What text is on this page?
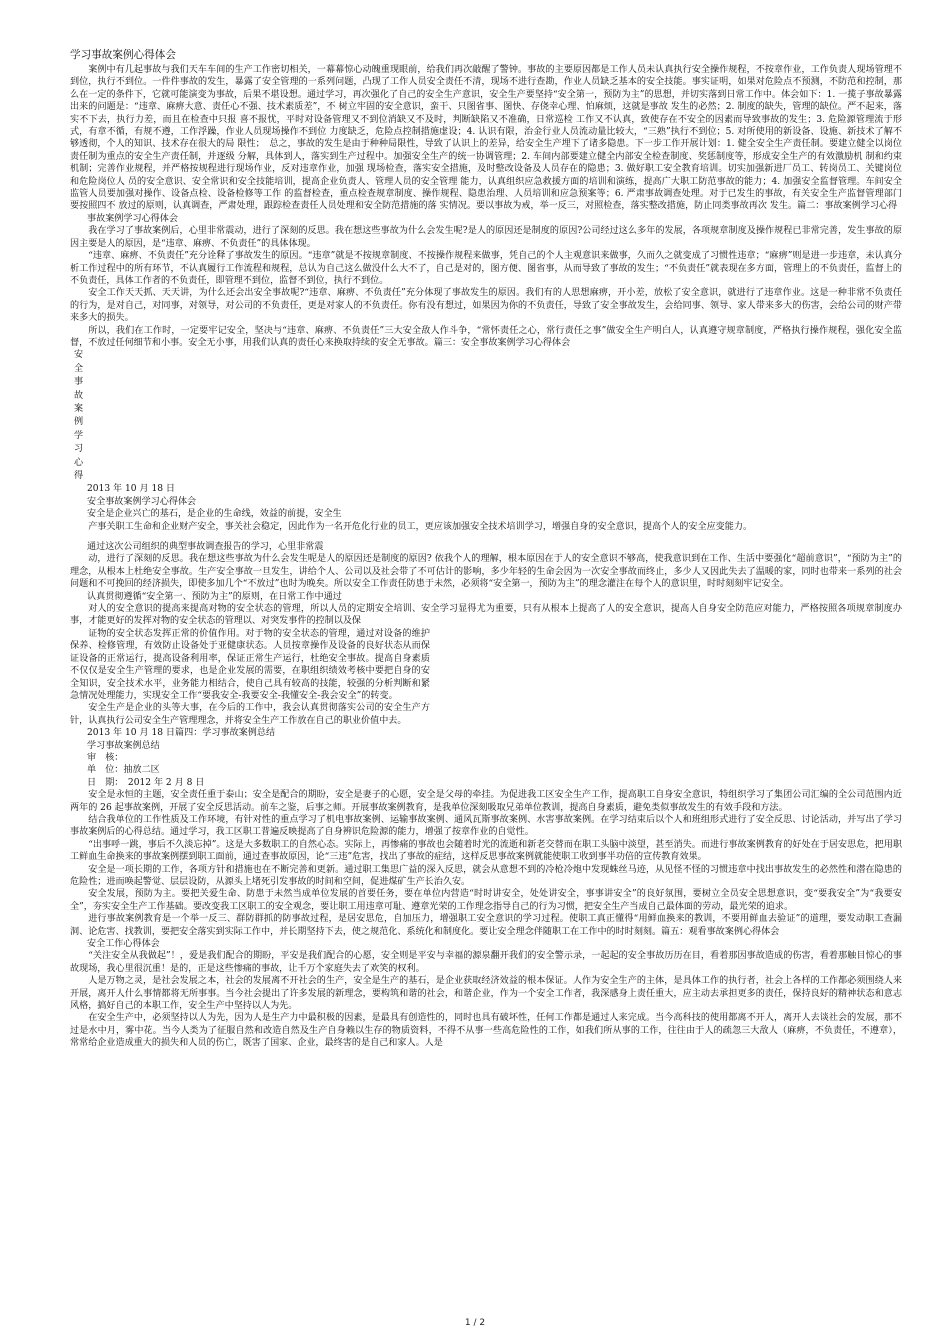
学习事故案例心得体会

案例中有几起事故与我们天车车间的生产工作密切相关，一幕幕惊心动魄重现眼前，给我们再次敲醒了警钟。事故的主要原因都是工作人员未认真执行安全操作规程，不按章作业，工作负责人现场管理不到位，执行不到位。一件件事故的发生，暴露了安全管理的一系列问题，凸现了工作人员安全责任不清，现场不进行查勘，作业人员缺乏基本的安全技能。事实证明，如果对危险点不预测，不防范和控制，那么在一定的条件下，它就可能演变为事故，后果不堪设想。通过学习，再次强化了自己的安全生产意识，安全生产要坚持“安全第一，预防为主”的思想，并切实落到日常工作中。体会如下：1. 一揽子事故暴露出来的问题是：“违章、麻痹大意、责任心不强、技术素质差”，不 树立牢固的安全意识，蛮干、只图省事、图快、存侥幸心理、怕麻烦，这就是事故 发生的必然；2. 制度的缺失，管理的缺位。严不起来，落实不下去，执行力差，而且在检查中只报 喜不报忧，平时对设备管理又不到位消缺又不及时，判断缺陷又不准确，日常巡检 工作又不认真，致使存在不安全的因素而导致事故的发生；3. 危险源管理流于形式，有章不循，有规不遵，工作浮躁，作业人员现场操作不到位 力度缺乏，危险点控制措施虚设；4. 认识有限，治金行业人员流动量比较大，“三熟”执行不到位；5. 对所使用的新设备、设施、新技术了解不够透彻，个人的知识、技术存在很大的局 限性；　总之，事故的发生是由于种种局限性，导致了认识上的差异，给安全生产埋下了诸多隐患。下一步工作开展计划：1. 健全安全生产责任制。要建立健全以岗位责任制为重点的安全生产责任制，并逐级 分解，具体到人，落实到生产过程中。加强安全生产的统一协调管理；2. 车间内部要建立健全内部安全检查制度、奖惩制度等，形成安全生产的有效激励机 制和约束机制；完善作业规程，并严格按规程进行现场作业，反对违章作业，加强 现场检查，落实安全措施，及时整改设备及人员存在的隐患；3. 做好职工安全教育培训。切实加强新进厂员工、转岗员工、关键岗位和危险岗位人 员的安全意识、安全常识和安全技能培训，提高企业负责人、管理人员的安全管理 能力，认真组织应急救援方面的培训和演练，提高广大职工防范事故的能力；4. 加强安全监督管理。车间安全监管人员要加强对操作、设备点检、设备检修等工作 的监督检查，重点检查规章制度、操作规程、隐患治理、人员培训和应急预案等；6. 严肃事故调查处理。对于已发生的事故，有关安全生产监督管理部门要按照四不 放过的原则，认真调查，严肃处理，跟踪检查责任人员处理和安全防范措施的落 实情况。要以事故为戒，举一反三，对照检查，落实整改措施，防止同类事故再次 发生。篇二：事故案例学习心得

事故案例学习心得体会

我在学习了事故案例后，心里非常震动，进行了深刻的反思。我在想这些事故为什么会发生呢?是人的原因还是制度的原因?公司经过这么多年的发展，各项规章制度及操作规程已非常完善，发生事故的原因主要是人的原因，是“违章、麻痹、不负责任”的具体体现。

“违章、麻痹、不负责任”充分诠释了事故发生的原因。“违章”就是不按规章制度、不按操作规程来做事，凭自己的个人主观意识来做事，久而久之就变成了习惯性违章；“麻痹”则是进一步违章，未认真分析工作过程中的所有环节，不认真履行工作流程和规程，总认为自己这么做没什么大不了，自己是对的，图方便、图省事，从而导致了事故的发生；“不负责任”就表现在多方面，管理上的不负责任，监督上的不负责任，具体工作者的不负责任，即管理不到位，监督不到位，执行不到位。

安全工作天天抓、天天讲，为什么还会出安全事故呢?“违章、麻痹、不负责任”充分体现了事故发生的原因。我们有的人思想麻痹，开小差，放松了安全意识，就进行了违章作业。这是一种非常不负责任的行为，是对自己，对同事，对领导，对公司的不负责任，更是对家人的不负责任。你有没有想过，如果因为你的不负责任，导致了安全事故发生，会给同事、领导、家人带来多大的伤害，会给公司的财产带来多大的损失。

所以，我们在工作时，一定要牢记安全，坚决与“违章、麻痹、不负责任”三大安全敌人作斗争，“常怀责任之心，常行责任之事”做安全生产明白人，认真遵守规章制度，严格执行操作规程，强化安全监督，不放过任何细节和小事。安全无小事，用我们认真的责任心来换取持续的安全无事故。篇三：安全事故案例学习心得体会

安
全
事
故
案
例
学
习
心
得
2013 年 10 月 18 日
安全事故案例学习心得体会
安全是企业兴亡的基石，是企业的生命线，效益的前提，安全生

产事关职工生命和企业财产安全，事关社会稳定，因此作为一名开危化行业的员工，更应该加强安全技术培训学习，增强自身的安全意识，提高个人的安全应变能力。

通过这次公司组织的典型事故调查报告的学习，心里非常震

动，进行了深刻的反思。我在想这些事故为什么会发生呢是人的原因还是制度的原因? 依我个人的理解，根本原因在于人的安全意识不够高，使我意识到在工作、生活中要强化“超前意识”，“预防为主”的理念，从根本上杜绝安全事故。生产安全事故一旦发生，讲给个人、公司以及社会带了不可估计的影响，多少年轻的生命会因为一次安全事故而终止，多少人又因此失去了温暖的家，同时也带来一系列的社会问题和不可挽回的经济损失，即使多加几个“不放过”也时为晚矣。所以安全工作责任防患于未然，必须将“安全第一，预防为主”的理念灌注在每个人的意识里，时时刻刻牢记安全。

认真贯彻遵循“安全第一、预防为主”的原则，在日常工作中通过

对人的安全意识的提高来提高对物的安全状态的管理，所以人员的定期安全培训、安全学习显得尤为重要，只有从根本上提高了人的安全意识，提高人自身安全防范应对能力，严格按照各项规章制度办事，才能更好的发挥对物的安全状态的管理以、对突发事件的控制以及保

证物的安全状态发挥正常的价值作用。对于物的安全状态的管理，通过对设备的维护保养、检修管理，有效防止设备处于亚健康状态。人员按章操作及设备的良好状态从而保证设备的正常运行，提高设备利用率，保证正常生产运行，杜绝安全事故。提高自身素质不仅仅是安全生产管理的要求，也是企业发展的需要，在职组织绩效考核中要把自身的安全知识，安全技术水平，业务能力相结合，使自己具有较高的技能，较强的分析判断和紧急情况处理能力，实现安全工作“要我安全-我要安全-我懂安全-我会安全”的转变。

安全生产是企业的头等大事，在今后的工作中，我会认真贯彻落实公司的安全生产方针，认真执行公司安全生产管理理念，并将安全生产工作放在自己的职业价值中去。

2013 年 10 月 18 日篇四：学习事故案例总结
学习事故案例总结
审　核：
单　位：抽放二区
日　期：　2012 年 2 月 8 日

安全是永恒的主题，安全责任重于泰山；安全是配合的期盼，安全是妻子的心愿，安全是父母的牵挂。为促进我工区安全生产工作，提高职工自身安全意识，特组织学习了集团公司汇编的全公司范围内近两年的 26 起事故案例，开展了安全反思活动。前车之鉴，后事之师。开展事故案例教育，是我单位深刻吸取兄弟单位教训，提高自身素质，避免类似事故发生的有效手段和方法。

结合我单位的工作性质及工作环境，有针对性的重点学习了机电事故案例、运输事故案例、通风瓦斯事故案例、水害事故案例。在学习结束后以个人和班组形式进行了安全反思、讨论活动，并写出了学习事故案例后的心得总结。通过学习，我工区职工普遍反映提高了自身辨识危险源的能力，增强了按章作业的自觉性。

“出事呼一跳，事后不久淡忘掉”。这是大多数职工的自然心态。实际上，再惨痛的事故也会随着时光的流逝和新老交替而在职工头脑中淡望，甚至消失。而进行事故案例教育的好处在于居安思危，把用职工鲜血生命换来的事故案例摆到职工面前，通过查事故原因，论“三违”危害，找出了事故的症结，这样反思事故案例就能使职工收到事半功倍的宣传教育效果。

安全是一项长期的工作，各项方针和措施也在不断完善和更新。通过职工集思广益的深入反思，就会从意想不到的冷枪冷炮中发现蛛丝马迹，从见怪不怪的习惯违章中找出事故发生的必然性和潜在隐患的危险性；进而唤起警觉、层层设防，从源头上堵死引发事故的时间和空间，促进煤矿生产长治久安。

安全发展，预防为主。要把关爱生命、防患于未然当成单位发展的首要任务，要在单位内营造“时时讲安全，处处讲安全，事事讲安全”的良好氛围，要树立全员安全思想意识，变“要我安全”为“我要安全”，夯实安全生产工作基础。要改变我工区职工的安全观念，要让职工用违章可耻、遵章光荣的工作理念指导自己的行为习惯，把安全生产当成自己最体面的劳动，最光荣的追求。

进行事故案例教育是一个举一反三、群防群抓的防事故过程，是居安思危，自加压力，增强职工安全意识的学习过程。使职工真正懂得“用鲜血换来的教训，不要用鲜血去验证”的道理，要发动职工查漏洞、论危害、找教训，要把安全落实到实际工作中，并长期坚持下去，使之规范化、系统化和制度化。要让安全理念伴随职工在工作中的时时刻刻。篇五：观看事故案例心得体会

安全工作心得体会

“关注安全从我做起”！，爱是我们配合的期盼，平安是我们配合的心愿，安全则是平安与幸福的源泉翻开我们的安全警示录，一起起的安全事故历历在目，看着那因事故造成的伤害，看着那触目惊心的事故现场，我心里很沉重！是的，正是这些惨痛的事故，让千万个家庭失去了欢笑的权利。

人是万物之灵，是社会发展之本，社会的发展离不开社会的生产，安全是生产的基石，是企业获取经济效益的根本保证。人作为安全生产的主体，是具体工作的执行者，社会上各样的工作都必须围绕人来开展，离开人什么事情都将无所事事。当今社会提出了许多发展的新理念，要构筑和谐的社会，和谐企业，作为一个安全工作者，我深感身上责任重大，应主动去承担更多的责任，保持良好的精神状态和意志风格，搞好自己的本职工作，安全生产中坚持以人为先。

在安全生产中，必须坚持以人为先，因为人是生产力中最积极的因素，是最具有创造性的，同时也具有破坏性，任何工作都是通过人来完成。当今高科技的使用都离不开人，离开人去谈社会的发展，那不过是水中月，雾中花。当今人类为了征服自然和改造自然及生产自身赖以生存的物质资料，不得不从事一些高危险性的工作，如我们所从事的工作，往往由于人的疏忽三大敌人（麻痹，不负责任，不遵章），常常给企业造成重大的损失和人员的伤亡，既害了国家、企业，最终害的是自己和家人。人是

1 / 2
